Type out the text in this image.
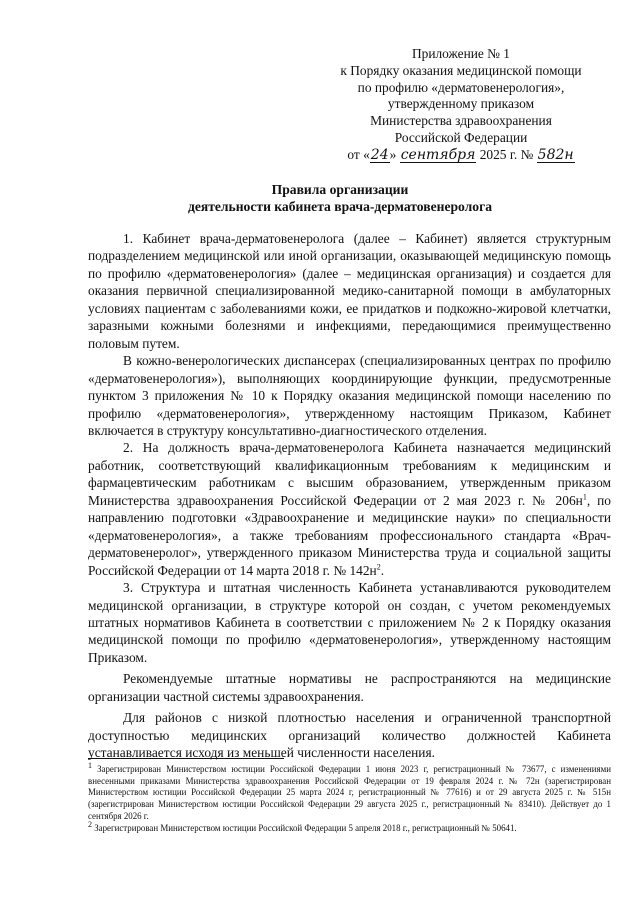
Приложение № 1
к Порядку оказания медицинской помощи
по профилю «дерматовенерология»,
утвержденному приказом
Министерства здравоохранения
Российской Федерации
от «24» сентября 2025 г. № 582н
Правила организации
деятельности кабинета врача-дерматовенеролога

1. Кабинет врача-дерматовенеролога (далее – Кабинет) является структурным подразделением медицинской или иной организации, оказывающей медицинскую помощь по профилю «дерматовенерология» (далее – медицинская организация) и создается для оказания первичной специализированной медико-санитарной помощи в амбулаторных условиях пациентам с заболеваниями кожи, ее придатков и подкожно-жировой клетчатки, заразными кожными болезнями и инфекциями, передающимися преимущественно половым путем.

В кожно-венерологических диспансерах (специализированных центрах по профилю «дерматовенерология»), выполняющих координирующие функции, предусмотренные пунктом 3 приложения № 10 к Порядку оказания медицинской помощи населению по профилю «дерматовенерология», утвержденному настоящим Приказом, Кабинет включается в структуру консультативно-диагностического отделения.

2. На должность врача-дерматовенеролога Кабинета назначается медицинский работник, соответствующий квалификационным требованиям к медицинским и фармацевтическим работникам с высшим образованием, утвержденным приказом Министерства здравоохранения Российской Федерации от 2 мая 2023 г. № $206н^1$, по направлению подготовки «Здравоохранение и медицинские науки» по специальности «дерматовенерология», а также требованиям профессионального стандарта «Врач-дерматовенеролог», утвержденного приказом Министерства труда и социальной защиты Российской Федерации от 14 марта 2018 г. № $142н^2$.

3. Структура и штатная численность Кабинета устанавливаются руководителем медицинской организации, в структуре которой он создан, с учетом рекомендуемых штатных нормативов Кабинета в соответствии с приложением № 2 к Порядку оказания медицинской помощи по профилю «дерматовенерология», утвержденному настоящим Приказом.

Рекомендуемые штатные нормативы не распространяются на медицинские организации частной системы здравоохранения.

Для районов с низкой плотностью населения и ограниченной транспортной доступностью медицинских организаций количество должностей Кабинета устанавливается исходя из меньшей численности населения.

$^1$ Зарегистрирован Министерством юстиции Российской Федерации 1 июня 2023 г, регистрационный № 73677, с изменениями внесенными приказами Министерства здравоохранения Российской Федерации от 19 февраля 2024 г. № 72н (зарегистрирован Министерством юстиции Российской Федерации 25 марта 2024 г, регистрационный № 77616) и от 29 августа 2025 г. № 515н (зарегистрирован Министерством юстиции Российской Федерации 29 августа 2025 г., регистрационный № 83410). Действует до 1 сентября 2026 г.

$^2$ Зарегистрирован Министерством юстиции Российской Федерации 5 апреля 2018 г., регистрационный № 50641.
